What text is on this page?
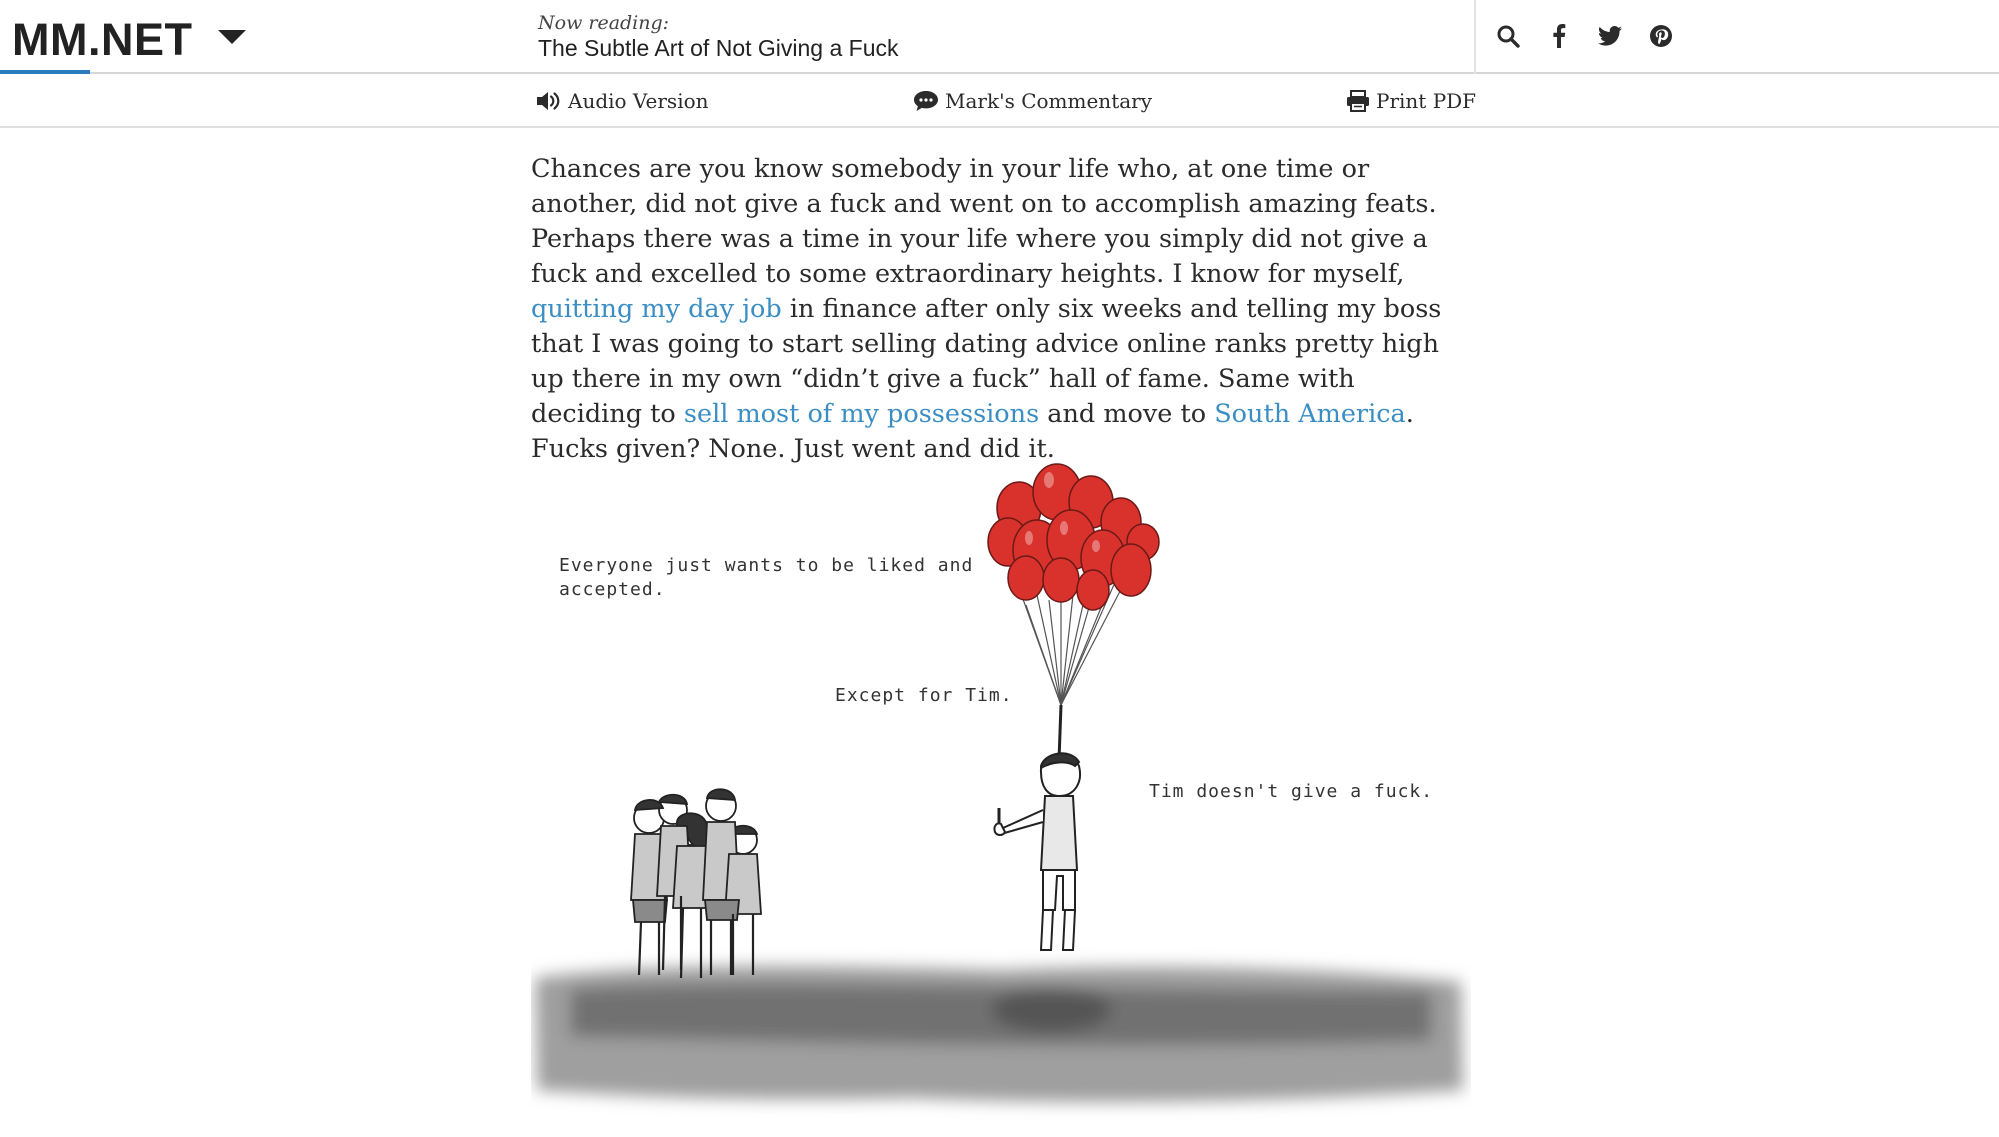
MM.NET	Now reading:
The Subtle Art of Not Giving a Fuck
Audio Version	Mark's Commentary	Print PDF

Chances are you know somebody in your life who, at one time or another, did not give a fuck and went on to accomplish amazing feats. Perhaps there was a time in your life where you simply did not give a fuck and excelled to some extraordinary heights. I know for myself, quitting my day job in finance after only six weeks and telling my boss that I was going to start selling dating advice online ranks pretty high up there in my own “didn’t give a fuck” hall of fame. Same with deciding to sell most of my possessions and move to South America. Fucks given? None. Just went and did it.

Everyone just wants to be liked and accepted.
Except for Tim.
Tim doesn't give a fuck.
